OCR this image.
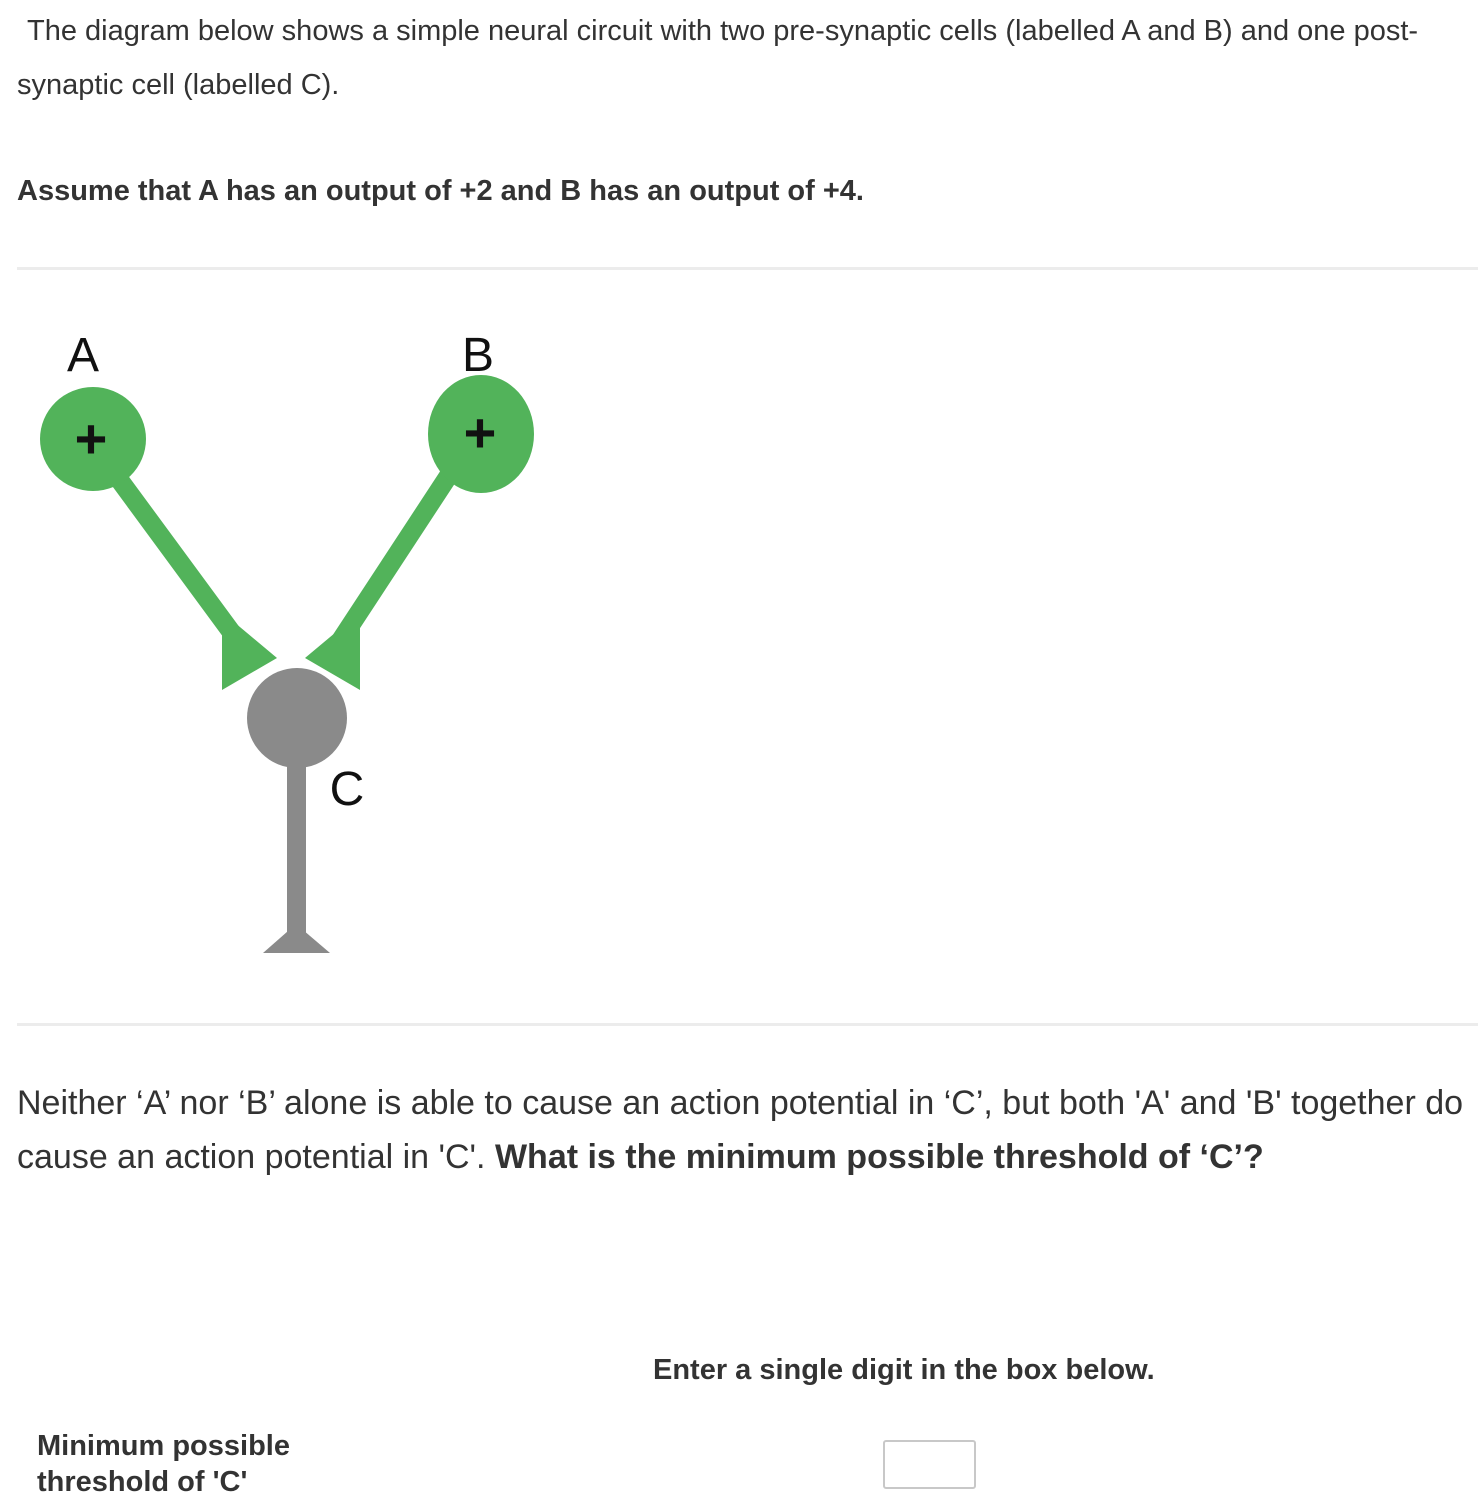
The diagram below shows a simple neural circuit with two pre-synaptic cells (labelled A and B) and one post-synaptic cell (labelled C).

Assume that A has an output of +2 and B has an output of +4.

A	B
C
+	+

Neither ‘A’ nor ‘B’ alone is able to cause an action potential in ‘C’, but both 'A' and 'B' together do cause an action potential in 'C'. What is the minimum possible threshold of ‘C’?

Enter a single digit in the box below.

Minimum possible threshold of 'C'
